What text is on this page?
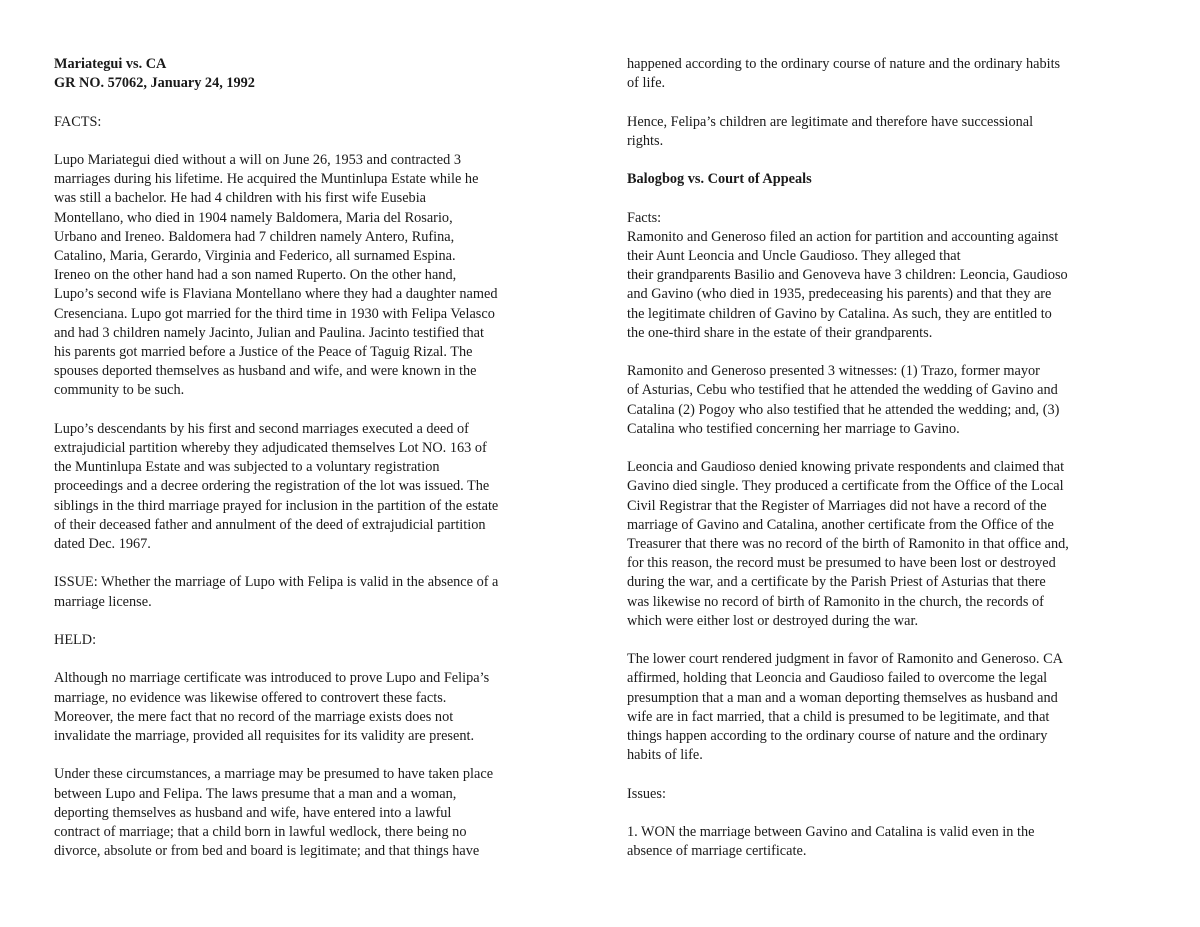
Mariategui vs. CA
GR NO. 57062, January 24, 1992
FACTS:
Lupo Mariategui died without a will on June 26, 1953 and contracted 3
marriages during his lifetime. He acquired the Muntinlupa Estate while he
was still a bachelor. He had 4 children with his first wife Eusebia
Montellano, who died in 1904 namely Baldomera, Maria del Rosario,
Urbano and Ireneo. Baldomera had 7 children namely Antero, Rufina,
Catalino, Maria, Gerardo, Virginia and Federico, all surnamed Espina.
Ireneo on the other hand had a son named Ruperto. On the other hand,
Lupo’s second wife is Flaviana Montellano where they had a daughter named
Cresenciana. Lupo got married for the third time in 1930 with Felipa Velasco
and had 3 children namely Jacinto, Julian and Paulina. Jacinto testified that
his parents got married before a Justice of the Peace of Taguig Rizal. The
spouses deported themselves as husband and wife, and were known in the
community to be such.
Lupo’s descendants by his first and second marriages executed a deed of
extrajudicial partition whereby they adjudicated themselves Lot NO. 163 of
the Muntinlupa Estate and was subjected to a voluntary registration
proceedings and a decree ordering the registration of the lot was issued. The
siblings in the third marriage prayed for inclusion in the partition of the estate
of their deceased father and annulment of the deed of extrajudicial partition
dated Dec. 1967.
ISSUE: Whether the marriage of Lupo with Felipa is valid in the absence of a
marriage license.
HELD:
Although no marriage certificate was introduced to prove Lupo and Felipa’s
marriage, no evidence was likewise offered to controvert these facts.
Moreover, the mere fact that no record of the marriage exists does not
invalidate the marriage, provided all requisites for its validity are present.
Under these circumstances, a marriage may be presumed to have taken place
between Lupo and Felipa. The laws presume that a man and a woman,
deporting themselves as husband and wife, have entered into a lawful
contract of marriage; that a child born in lawful wedlock, there being no
divorce, absolute or from bed and board is legitimate; and that things have
happened according to the ordinary course of nature and the ordinary habits
of life.
Hence, Felipa’s children are legitimate and therefore have successional
rights.
Balogbog vs. Court of Appeals
Facts:
Ramonito and Generoso filed an action for partition and accounting against
their Aunt Leoncia and Uncle Gaudioso. They alleged that
their grandparents Basilio and Genoveva have 3 children: Leoncia, Gaudioso
and Gavino (who died in 1935, predeceasing his parents) and that they are
the legitimate children of Gavino by Catalina. As such, they are entitled to
the one-third share in the estate of their grandparents.
Ramonito and Generoso presented 3 witnesses: (1) Trazo, former mayor
of Asturias, Cebu who testified that he attended the wedding of Gavino and
Catalina (2) Pogoy who also testified that he attended the wedding; and, (3)
Catalina who testified concerning her marriage to Gavino.
Leoncia and Gaudioso denied knowing private respondents and claimed that
Gavino died single. They produced a certificate from the Office of the Local
Civil Registrar that the Register of Marriages did not have a record of the
marriage of Gavino and Catalina, another certificate from the Office of the
Treasurer that there was no record of the birth of Ramonito in that office and,
for this reason, the record must be presumed to have been lost or destroyed
during the war, and a certificate by the Parish Priest of Asturias that there
was likewise no record of birth of Ramonito in the church, the records of
which were either lost or destroyed during the war.
The lower court rendered judgment in favor of Ramonito and Generoso. CA
affirmed, holding that Leoncia and Gaudioso failed to overcome the legal
presumption that a man and a woman deporting themselves as husband and
wife are in fact married, that a child is presumed to be legitimate, and that
things happen according to the ordinary course of nature and the ordinary
habits of life.
Issues:
1. WON the marriage between Gavino and Catalina is valid even in the
absence of marriage certificate.
